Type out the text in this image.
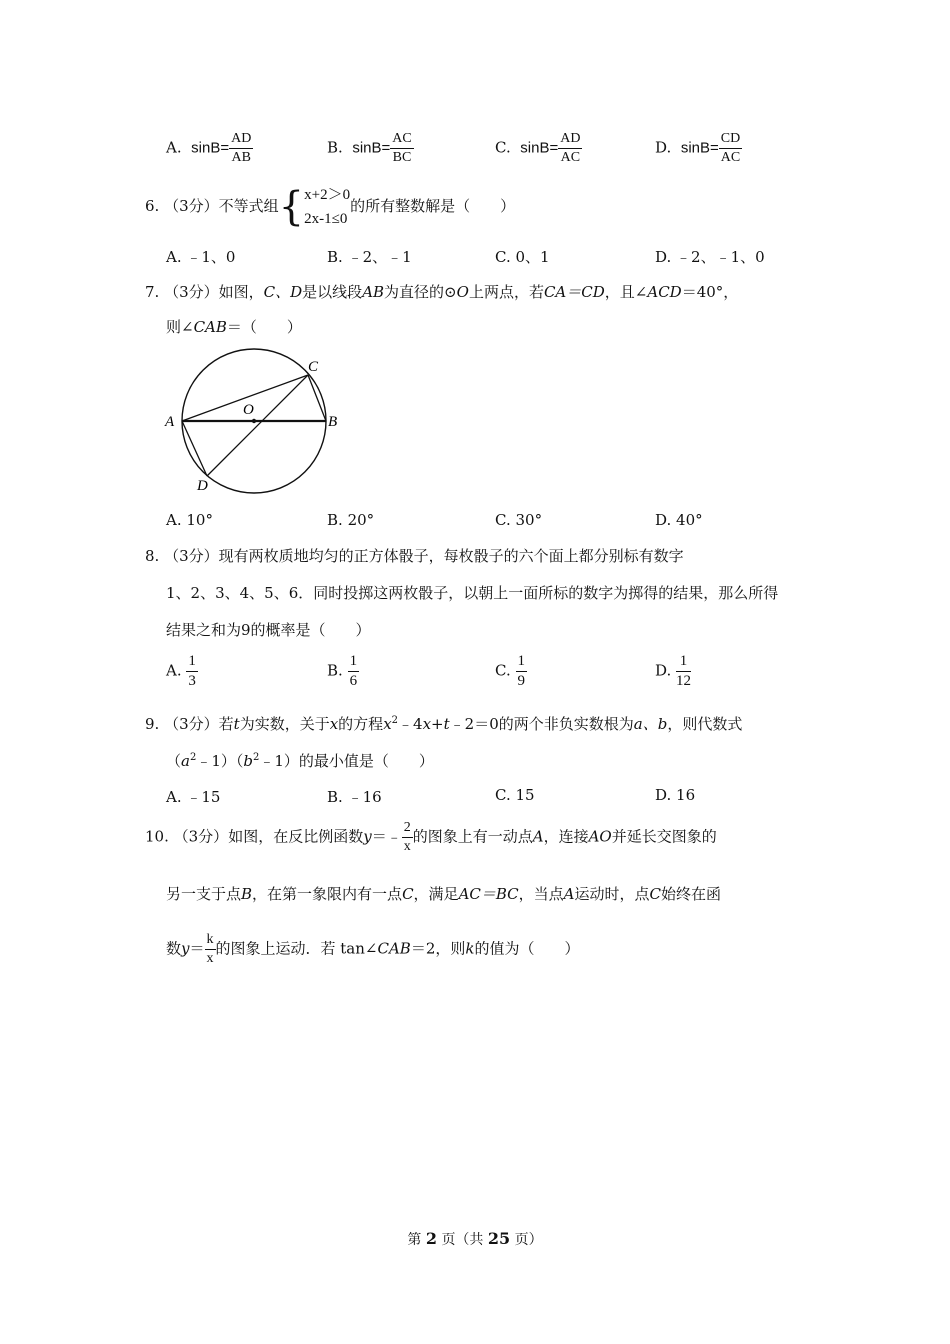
A. $\sin B= \frac{AD}{AB}$	B. $\sin B= \frac{AC}{BC}$	C. $\sin B= \frac{AD}{AC}$	D. $\sin B= \frac{CD}{AC}$
6. （3分）不等式组{ x+2＞0
2x-1≤0
的所有整数解是（　　）
A. ﹣1、0	B. ﹣2、﹣1	C. 0、1	D. ﹣2、﹣1、0
7. （3分）如图，C、D是以线段AB为直径的⊙O上两点，若CA＝CD，且∠ACD＝40°，
则∠CAB＝（　　）
A	B
C
D
O
A. 10°	B. 20°	C. 30°	D. 40°
8. （3分）现有两枚质地均匀的正方体骰子，每枚骰子的六个面上都分别标有数字
1、2、3、4、5、6．同时投掷这两枚骰子，以朝上一面所标的数字为掷得的结果，那么所得
结果之和为9的概率是（　　）
A. $\frac{1}{3}$	B. $\frac{1}{6}$	C. $\frac{1}{9}$	D. $\frac{1}{12}$
9. （3分）若t为实数，关于x的方程$x^2﹣4x+t﹣2=0$的两个非负实数根为a、b，则代数式
$(a^2﹣1)(b^2﹣1)$的最小值是（　　）
A. ﹣15	B. ﹣16	C. 15	D. 16
10. （3分）如图，在反比例函数y＝﹣ $\frac{2}{x}$ 的图象上有一动点A，连接AO并延长交图象的
另一支于点B，在第一象限内有一点C，满足AC＝BC，当点A运动时，点C始终在函
数$y= \frac{k}{x}$ 的图象上运动．若 tan∠CAB＝2，则k的值为（　　）
第 2 页（共 25 页）
